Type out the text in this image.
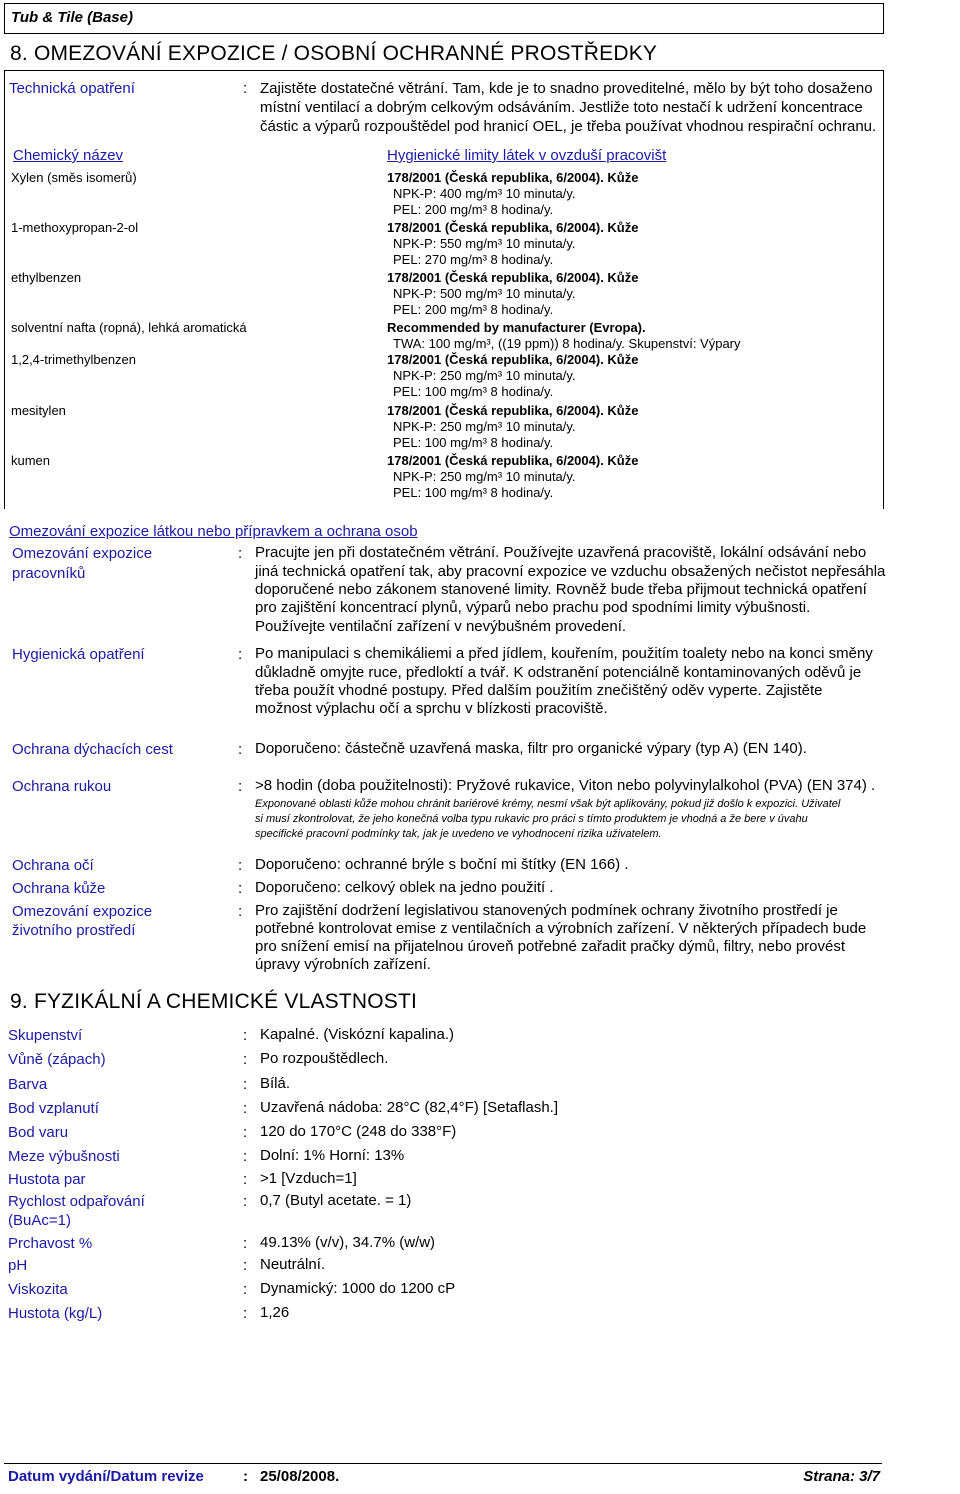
Tub & Tile (Base)
8. OMEZOVÁNÍ EXPOZICE / OSOBNÍ OCHRANNÉ PROSTŘEDKY
Technická opatření	: Zajistěte dostatečné větrání. Tam, kde je to snadno proveditelné, mělo by být toho dosaženo
místní ventilací a dobrým celkovým odsáváním. Jestliže toto nestačí k udržení koncentrace
částic a výparů rozpouštědel pod hranicí OEL, je třeba používat vhodnou respirační ochranu.
Chemický název	Hygienické limity látek v ovzduší pracovišt
Xylen (směs isomerů)	178/2001 (Česká republika, 6/2004). Kůže
NPK-P: 400 mg/m³ 10 minuta/y.
PEL: 200 mg/m³ 8 hodina/y.
1-methoxypropan-2-ol	178/2001 (Česká republika, 6/2004). Kůže
NPK-P: 550 mg/m³ 10 minuta/y.
PEL: 270 mg/m³ 8 hodina/y.
ethylbenzen	178/2001 (Česká republika, 6/2004). Kůže
NPK-P: 500 mg/m³ 10 minuta/y.
PEL: 200 mg/m³ 8 hodina/y.
solventní nafta (ropná), lehká aromatická	Recommended by manufacturer (Evropa).
TWA: 100 mg/m³, ((19 ppm)) 8 hodina/y. Skupenství: Výpary
1,2,4-trimethylbenzen	178/2001 (Česká republika, 6/2004). Kůže
NPK-P: 250 mg/m³ 10 minuta/y.
PEL: 100 mg/m³ 8 hodina/y.
mesitylen	178/2001 (Česká republika, 6/2004). Kůže
NPK-P: 250 mg/m³ 10 minuta/y.
PEL: 100 mg/m³ 8 hodina/y.
kumen	178/2001 (Česká republika, 6/2004). Kůže
NPK-P: 250 mg/m³ 10 minuta/y.
PEL: 100 mg/m³ 8 hodina/y.
Omezování expozice látkou nebo přípravkem a ochrana osob
Omezování expozice
pracovníků
: Pracujte jen při dostatečném větrání. Používejte uzavřená pracoviště, lokální odsávání nebo
jiná technická opatření tak, aby pracovní expozice ve vzduchu obsažených nečistot nepřesáhla
doporučené nebo zákonem stanovené limity. Rovněž bude třeba přijmout technická opatření
pro zajištění koncentrací plynů, výparů nebo prachu pod spodními limity výbušnosti.
Používejte ventilační zařízení v nevýbušném provedení.
Hygienická opatření	: Po manipulaci s chemikáliemi a před jídlem, kouřením, použitím toalety nebo na konci směny
důkladně omyjte ruce, předloktí a tvář. K odstranění potenciálně kontaminovaných oděvů je
třeba použít vhodné postupy. Před dalším použitím znečištěný oděv vyperte. Zajistěte
možnost výplachu očí a sprchu v blízkosti pracoviště.
Ochrana dýchacích cest	: Doporučeno: částečně uzavřená maska, filtr pro organické výpary (typ A) (EN 140).
Ochrana rukou	: >8 hodin (doba použitelnosti): Pryžové rukavice, Viton nebo polyvinylalkohol (PVA) (EN 374) .
Exponované oblasti kůže mohou chránit bariérové krémy, nesmí však být aplikovány, pokud již došlo k expozici. Uživatel
si musí zkontrolovat, že jeho konečná volba typu rukavic pro práci s tímto produktem je vhodná a že bere v úvahu
specifické pracovní podmínky tak, jak je uvedeno ve vyhodnocení rizika uživatelem.
Ochrana očí	: Doporučeno: ochranné brýle s boční mi štítky (EN 166) .
Ochrana kůže	: Doporučeno: celkový oblek na jedno použití .
Omezování expozice
životního prostředí
: Pro zajištění dodržení legislativou stanovených podmínek ochrany životního prostředí je
potřebné kontrolovat emise z ventilačních a výrobních zařízení. V některých případech bude
pro snížení emisí na přijatelnou úroveň potřebné zařadit pračky dýmů, filtry, nebo provést
úpravy výrobních zařízení.
9. FYZIKÁLNÍ A CHEMICKÉ VLASTNOSTI
Skupenství	: Kapalné. (Viskózní kapalina.)
Vůně (zápach)	: Po rozpouštědlech.
Barva	: Bílá.
Bod vzplanutí	: Uzavřená nádoba: 28°C (82,4°F) [Setaflash.]
Bod varu	: 120 do 170°C (248 do 338°F)
Meze výbušnosti	: Dolní: 1% Horní: 13%
Hustota par	: >1 [Vzduch=1]
Rychlost odpařování
(BuAc=1)
: 0,7 (Butyl acetate. = 1)
Prchavost %	: 49.13% (v/v), 34.7% (w/w)
pH	: Neutrální.
Viskozita	: Dynamický: 1000 do 1200 cP
Hustota (kg/L)	: 1,26
Datum vydání/Datum revize	: 25/08/2008.	Strana: 3/7
